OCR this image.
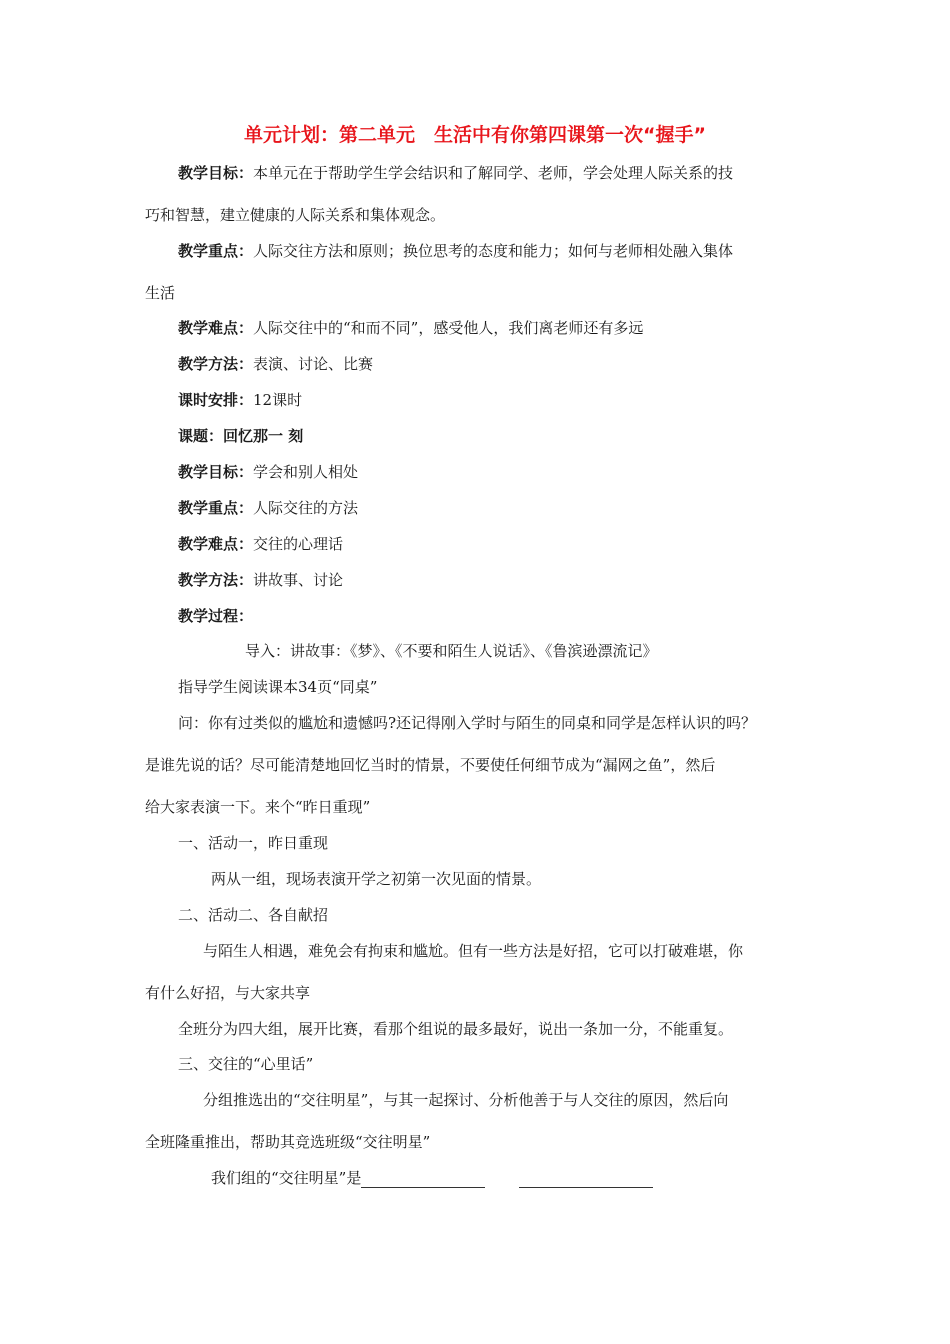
单元计划：第二单元　生活中有你第四课第一次“握手”
教学目标：本单元在于帮助学生学会结识和了解同学、老师，学会处理人际关系的技
巧和智慧，建立健康的人际关系和集体观念。
教学重点：人际交往方法和原则；换位思考的态度和能力；如何与老师相处融入集体
生活
教学难点：人际交往中的“和而不同”，感受他人，我们离老师还有多远
教学方法：表演、讨论、比赛
课时安排：12课时
课题：回忆那一 刻
教学目标：学会和别人相处
教学重点：人际交往的方法
教学难点：交往的心理话
教学方法：讲故事、讨论
教学过程：
导入：讲故事：《梦》、《不要和陌生人说话》、《鲁滨逊漂流记》
指导学生阅读课本34页“同桌”
问：你有过类似的尴尬和遗憾吗?还记得刚入学时与陌生的同桌和同学是怎样认识的吗？
是谁先说的话？尽可能清楚地回忆当时的情景，不要使任何细节成为“漏网之鱼”，然后
给大家表演一下。来个“昨日重现”
一、活动一，昨日重现
两从一组，现场表演开学之初第一次见面的情景。
二、活动二、各自献招
与陌生人相遇，难免会有拘束和尴尬。但有一些方法是好招，它可以打破难堪，你
有什么好招，与大家共享
全班分为四大组，展开比赛，看那个组说的最多最好，说出一条加一分，不能重复。
三、交往的“心里话”
分组推选出的“交往明星”，与其一起探讨、分析他善于与人交往的原因，然后向
全班隆重推出，帮助其竞选班级“交往明星”
我们组的“交往明星”是
